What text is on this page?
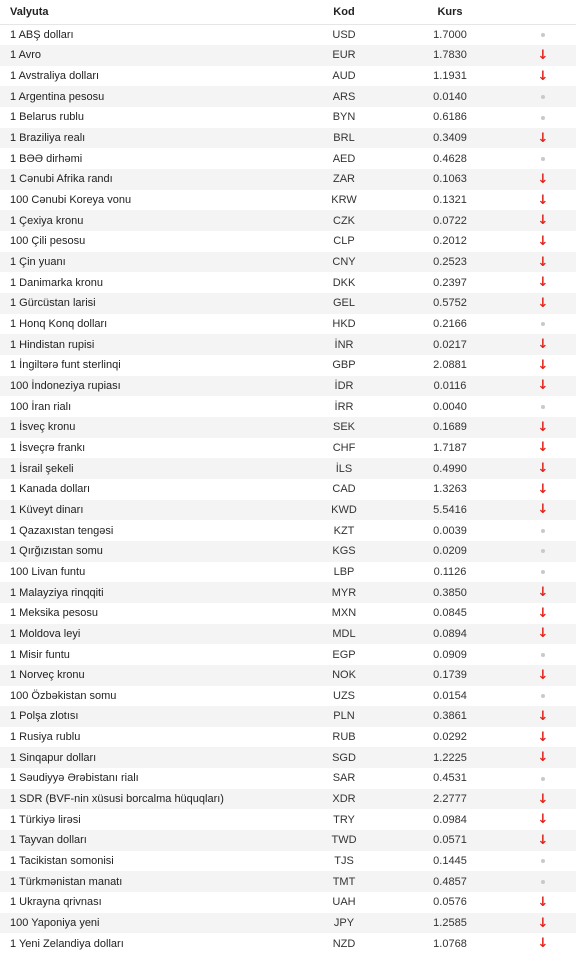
Valyuta	Kod	Kurs	
1 ABŞ dolları	USD	1.7000	
1 Avro	EUR	1.7830	↓
1 Avstraliya dolları	AUD	1.1931	↓
1 Argentina pesosu	ARS	0.0140	
1 Belarus rublu	BYN	0.6186	
1 Braziliya realı	BRL	0.3409	↓
1 BƏƏ dirhəmi	AED	0.4628	
1 Cənubi Afrika randı	ZAR	0.1063	↓
100 Cənubi Koreya vonu	KRW	0.1321	↓
1 Çexiya kronu	CZK	0.0722	↓
100 Çili pesosu	CLP	0.2012	↓
1 Çin yuanı	CNY	0.2523	↓
1 Danimarka kronu	DKK	0.2397	↓
1 Gürcüstan larisi	GEL	0.5752	↓
1 Honq Konq dolları	HKD	0.2166	
1 Hindistan rupisi	İNR	0.0217	↓
1 İngiltərə funt sterlinqi	GBP	2.0881	↓
100 İndoneziya rupiası	İDR	0.0116	↓
100 İran rialı	İRR	0.0040	
1 İsveç kronu	SEK	0.1689	↓
1 İsveçrə frankı	CHF	1.7187	↓
1 İsrail şekeli	İLS	0.4990	↓
1 Kanada dolları	CAD	1.3263	↓
1 Küveyt dinarı	KWD	5.5416	↓
1 Qazaxıstan tengəsi	KZT	0.0039	
1 Qırğızıstan somu	KGS	0.0209	
100 Livan funtu	LBP	0.1126	
1 Malayziya rinqqiti	MYR	0.3850	↓
1 Meksika pesosu	MXN	0.0845	↓
1 Moldova leyi	MDL	0.0894	↓
1 Misir funtu	EGP	0.0909	
1 Norveç kronu	NOK	0.1739	↓
100 Özbəkistan somu	UZS	0.0154	
1 Polşa zlotısı	PLN	0.3861	↓
1 Rusiya rublu	RUB	0.0292	↓
1 Sinqapur dolları	SGD	1.2225	↓
1 Səudiyyə Ərəbistanı rialı	SAR	0.4531	
1 SDR (BVF-nin xüsusi borcalma hüquqları)	XDR	2.2777	↓
1 Türkiyə lirəsi	TRY	0.0984	↓
1 Tayvan dolları	TWD	0.0571	↓
1 Tacikistan somonisi	TJS	0.1445	
1 Türkmənistan manatı	TMT	0.4857	
1 Ukrayna qrivnası	UAH	0.0576	↓
100 Yaponiya yeni	JPY	1.2585	↓
1 Yeni Zelandiya dolları	NZD	1.0768	↓
